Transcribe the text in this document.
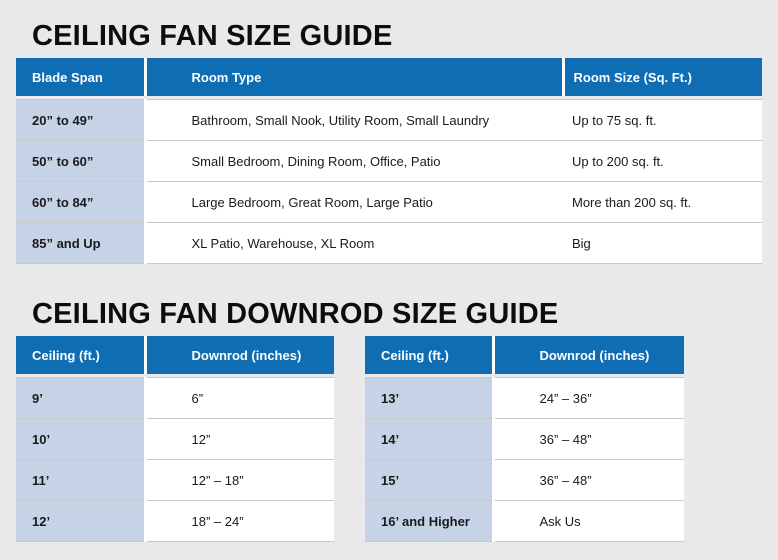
CEILING FAN SIZE GUIDE
Blade Span	Room Type	Room Size (Sq. Ft.)

20” to 49”	Bathroom, Small Nook, Utility Room, Small Laundry	Up to 75 sq. ft.

50” to 60”	Small Bedroom, Dining Room, Office, Patio	Up to 200 sq. ft.

60” to 84”	Large Bedroom, Great Room, Large Patio	More than 200 sq. ft.

85” and Up	XL Patio, Warehouse, XL Room	Big
CEILING FAN DOWNROD SIZE GUIDE
Ceiling (ft.)	Downrod (inches)

9’	6”

10’	12”

11’	12” – 18”

12’	18” – 24”
Ceiling (ft.)	Downrod (inches)

13’	24” – 36”

14’	36” – 48”

15’	36” – 48”

16’ and Higher	Ask Us
